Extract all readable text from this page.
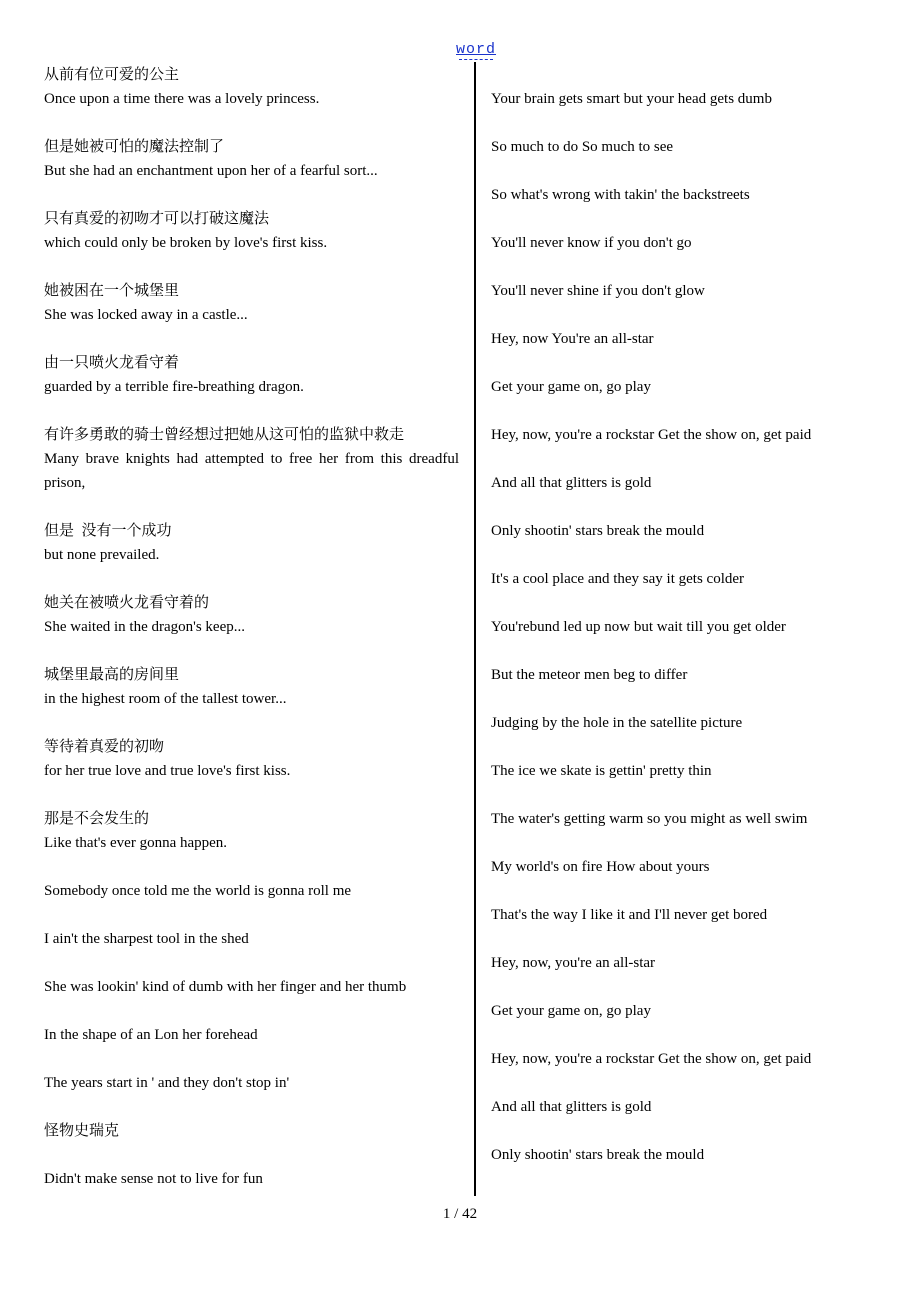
word
从前有位可爱的公主
Once upon a time there was a lovely princess.
但是她被可怕的魔法控制了
But she had an enchantment upon her of a fearful sort...
只有真爱的初吻才可以打破这魔法
which could only be broken by love's first kiss.
她被困在一个城堡里
She was locked away in a castle...
由一只喷火龙看守着
guarded by a terrible fire-breathing dragon.
有许多勇敢的骑士曾经想过把她从这可怕的监狱中救走
Many brave knights had attempted to free her from this dreadful prison,
但是  没有一个成功
but none prevailed.
她关在被喷火龙看守着的
She waited in the dragon's keep...
城堡里最高的房间里
in the highest room of the tallest tower...
等待着真爱的初吻
for her true love and true love's first kiss.
那是不会发生的
Like that's ever gonna happen.
Somebody once told me the world is gonna roll me
I ain't the sharpest tool in the shed
She was lookin' kind of dumb with her finger and her thumb
In the shape of an Lon her forehead
The years start in ' and they don't stop in'
怪物史瑞克
Didn't make sense not to live for fun
Your brain gets smart but your head gets dumb
So much to do So much to see
So what's wrong with takin' the backstreets
You'll never know if you don't go
You'll never shine if you don't glow
Hey, now You're an all-star
Get your game on, go play
Hey, now, you're a rockstar Get the show on, get paid
And all that glitters is gold
Only shootin' stars break the mould
It's a cool place and they say it gets colder
You'rebund led up now but wait till you get older
But the meteor men beg to differ
Judging by the hole in the satellite picture
The ice we skate is gettin' pretty thin
The water's getting warm so you might as well swim
My world's on fire How about yours
That's the way I like it and I'll never get bored
Hey, now, you're an all-star
Get your game on, go play
Hey, now, you're a rockstar Get the show on, get paid
And all that glitters is gold
Only shootin' stars break the mould
1 / 42
